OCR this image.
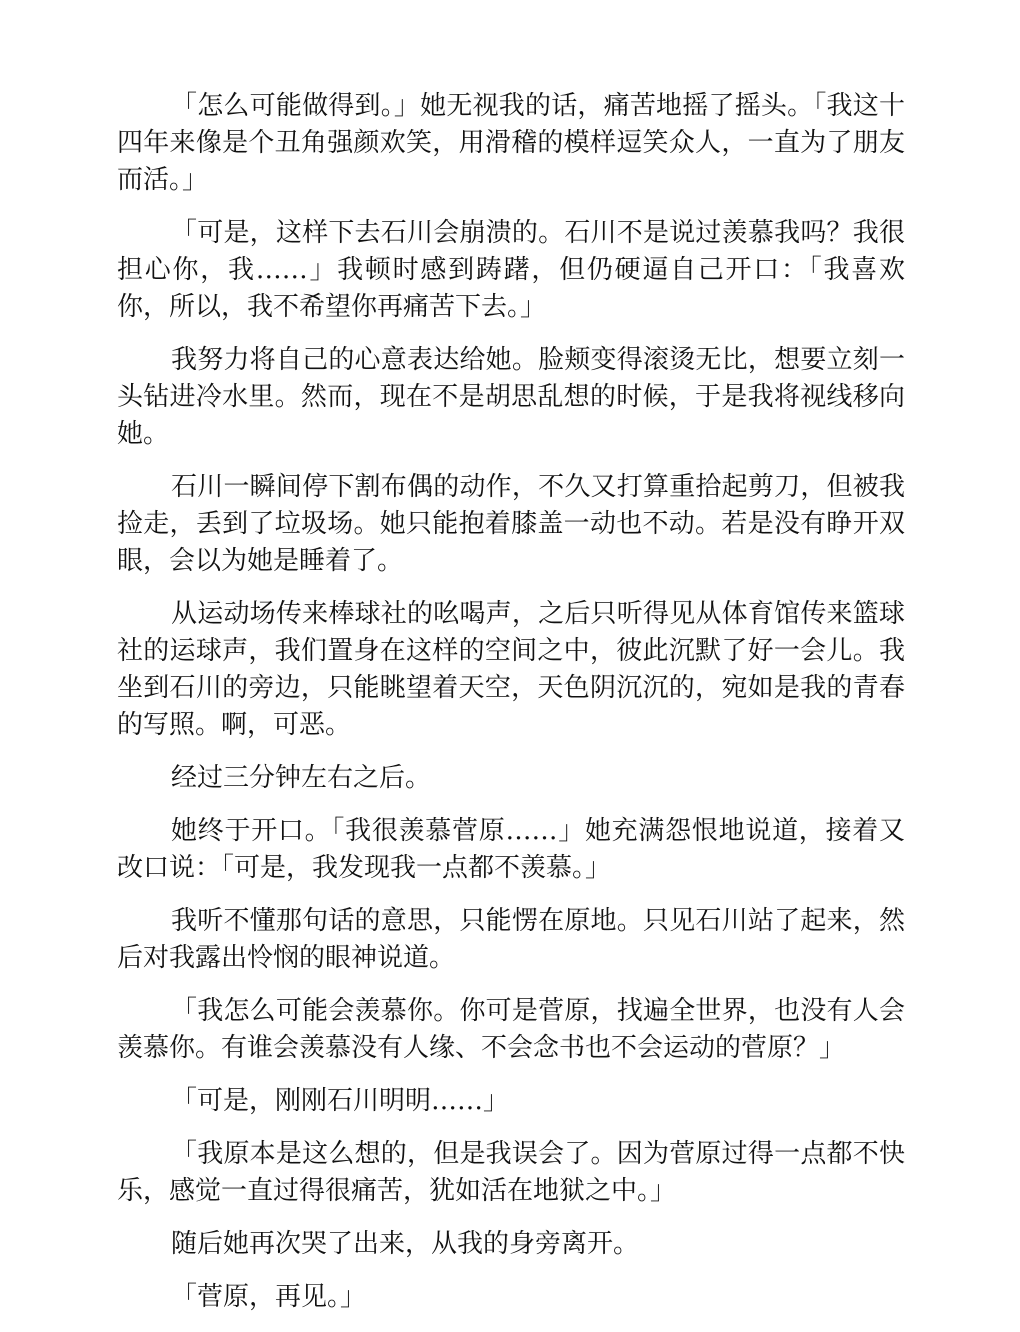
「怎么可能做得到。」她无视我的话，痛苦地摇了摇头。「我这十四年来像是个丑角强颜欢笑，用滑稽的模样逗笑众人，一直为了朋友而活。」

「可是，这样下去石川会崩溃的。石川不是说过羡慕我吗？我很担心你，我……」我顿时感到踌躇，但仍硬逼自己开口：「我喜欢你，所以，我不希望你再痛苦下去。」

我努力将自己的心意表达给她。脸颊变得滚烫无比，想要立刻一头钻进冷水里。然而，现在不是胡思乱想的时候，于是我将视线移向她。

石川一瞬间停下割布偶的动作，不久又打算重拾起剪刀，但被我捡走，丢到了垃圾场。她只能抱着膝盖一动也不动。若是没有睁开双眼，会以为她是睡着了。

从运动场传来棒球社的吆喝声，之后只听得见从体育馆传来篮球社的运球声，我们置身在这样的空间之中，彼此沉默了好一会儿。我坐到石川的旁边，只能眺望着天空，天色阴沉沉的，宛如是我的青春的写照。啊，可恶。

经过三分钟左右之后。

她终于开口。「我很羡慕菅原……」她充满怨恨地说道，接着又改口说：「可是，我发现我一点都不羡慕。」

我听不懂那句话的意思，只能愣在原地。只见石川站了起来，然后对我露出怜悯的眼神说道。

「我怎么可能会羡慕你。你可是菅原，找遍全世界，也没有人会羡慕你。有谁会羡慕没有人缘、不会念书也不会运动的菅原？」

「可是，刚刚石川明明……」

「我原本是这么想的，但是我误会了。因为菅原过得一点都不快乐，感觉一直过得很痛苦，犹如活在地狱之中。」

随后她再次哭了出来，从我的身旁离开。

「菅原，再见。」
